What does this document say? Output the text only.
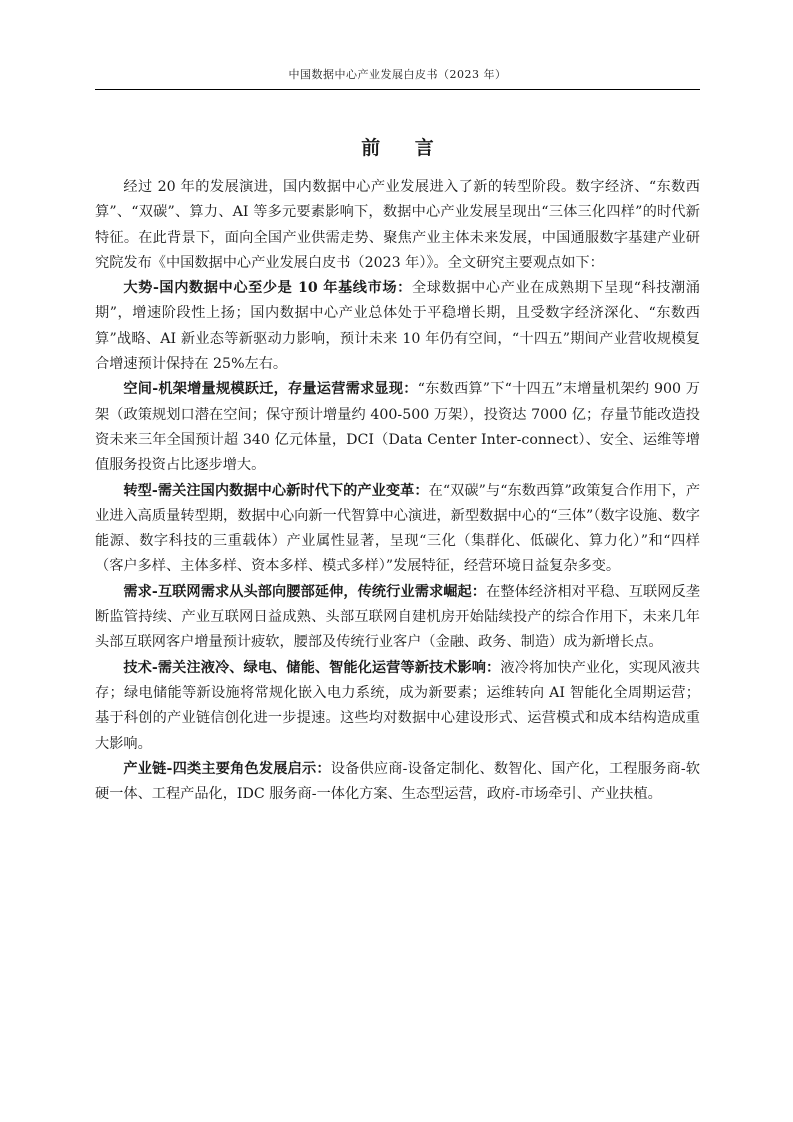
中国数据中心产业发展白皮书（2023 年）
前 言

经过 20 年的发展演进，国内数据中心产业发展进入了新的转型阶段。数字经济、“东数西算”、“双碳”、算力、AI 等多元要素影响下，数据中心产业发展呈现出“三体三化四样”的时代新特征。在此背景下，面向全国产业供需走势、聚焦产业主体未来发展，中国通服数字基建产业研究院发布《中国数据中心产业发展白皮书（2023 年）》。全文研究主要观点如下：

大势-国内数据中心至少是 10 年基线市场：全球数据中心产业在成熟期下呈现“科技潮涌期”，增速阶段性上扬；国内数据中心产业总体处于平稳增长期，且受数字经济深化、“东数西算”战略、AI 新业态等新驱动力影响，预计未来 10 年仍有空间，“十四五”期间产业营收规模复合增速预计保持在 25%左右。

空间-机架增量规模跃迁，存量运营需求显现：“东数西算”下“十四五”末增量机架约 900 万架（政策规划口潜在空间；保守预计增量约 400-500 万架），投资达 7000 亿；存量节能改造投资未来三年全国预计超 340 亿元体量，DCI（Data Center Inter-connect）、安全、运维等增值服务投资占比逐步增大。

转型-需关注国内数据中心新时代下的产业变革：在“双碳”与“东数西算”政策复合作用下，产业进入高质量转型期，数据中心向新一代智算中心演进，新型数据中心的“三体”（数字设施、数字能源、数字科技的三重载体）产业属性显著，呈现“三化（集群化、低碳化、算力化）”和“四样（客户多样、主体多样、资本多样、模式多样）”发展特征，经营环境日益复杂多变。

需求-互联网需求从头部向腰部延伸，传统行业需求崛起：在整体经济相对平稳、互联网反垄断监管持续、产业互联网日益成熟、头部互联网自建机房开始陆续投产的综合作用下，未来几年头部互联网客户增量预计疲软，腰部及传统行业客户（金融、政务、制造）成为新增长点。

技术-需关注液冷、绿电、储能、智能化运营等新技术影响：液冷将加快产业化，实现风液共存；绿电储能等新设施将常规化嵌入电力系统，成为新要素；运维转向 AI 智能化全周期运营；基于科创的产业链信创化进一步提速。这些均对数据中心建设形式、运营模式和成本结构造成重大影响。

产业链-四类主要角色发展启示：设备供应商-设备定制化、数智化、国产化，工程服务商-软硬一体、工程产品化，IDC 服务商-一体化方案、生态型运营，政府-市场牵引、产业扶植。
